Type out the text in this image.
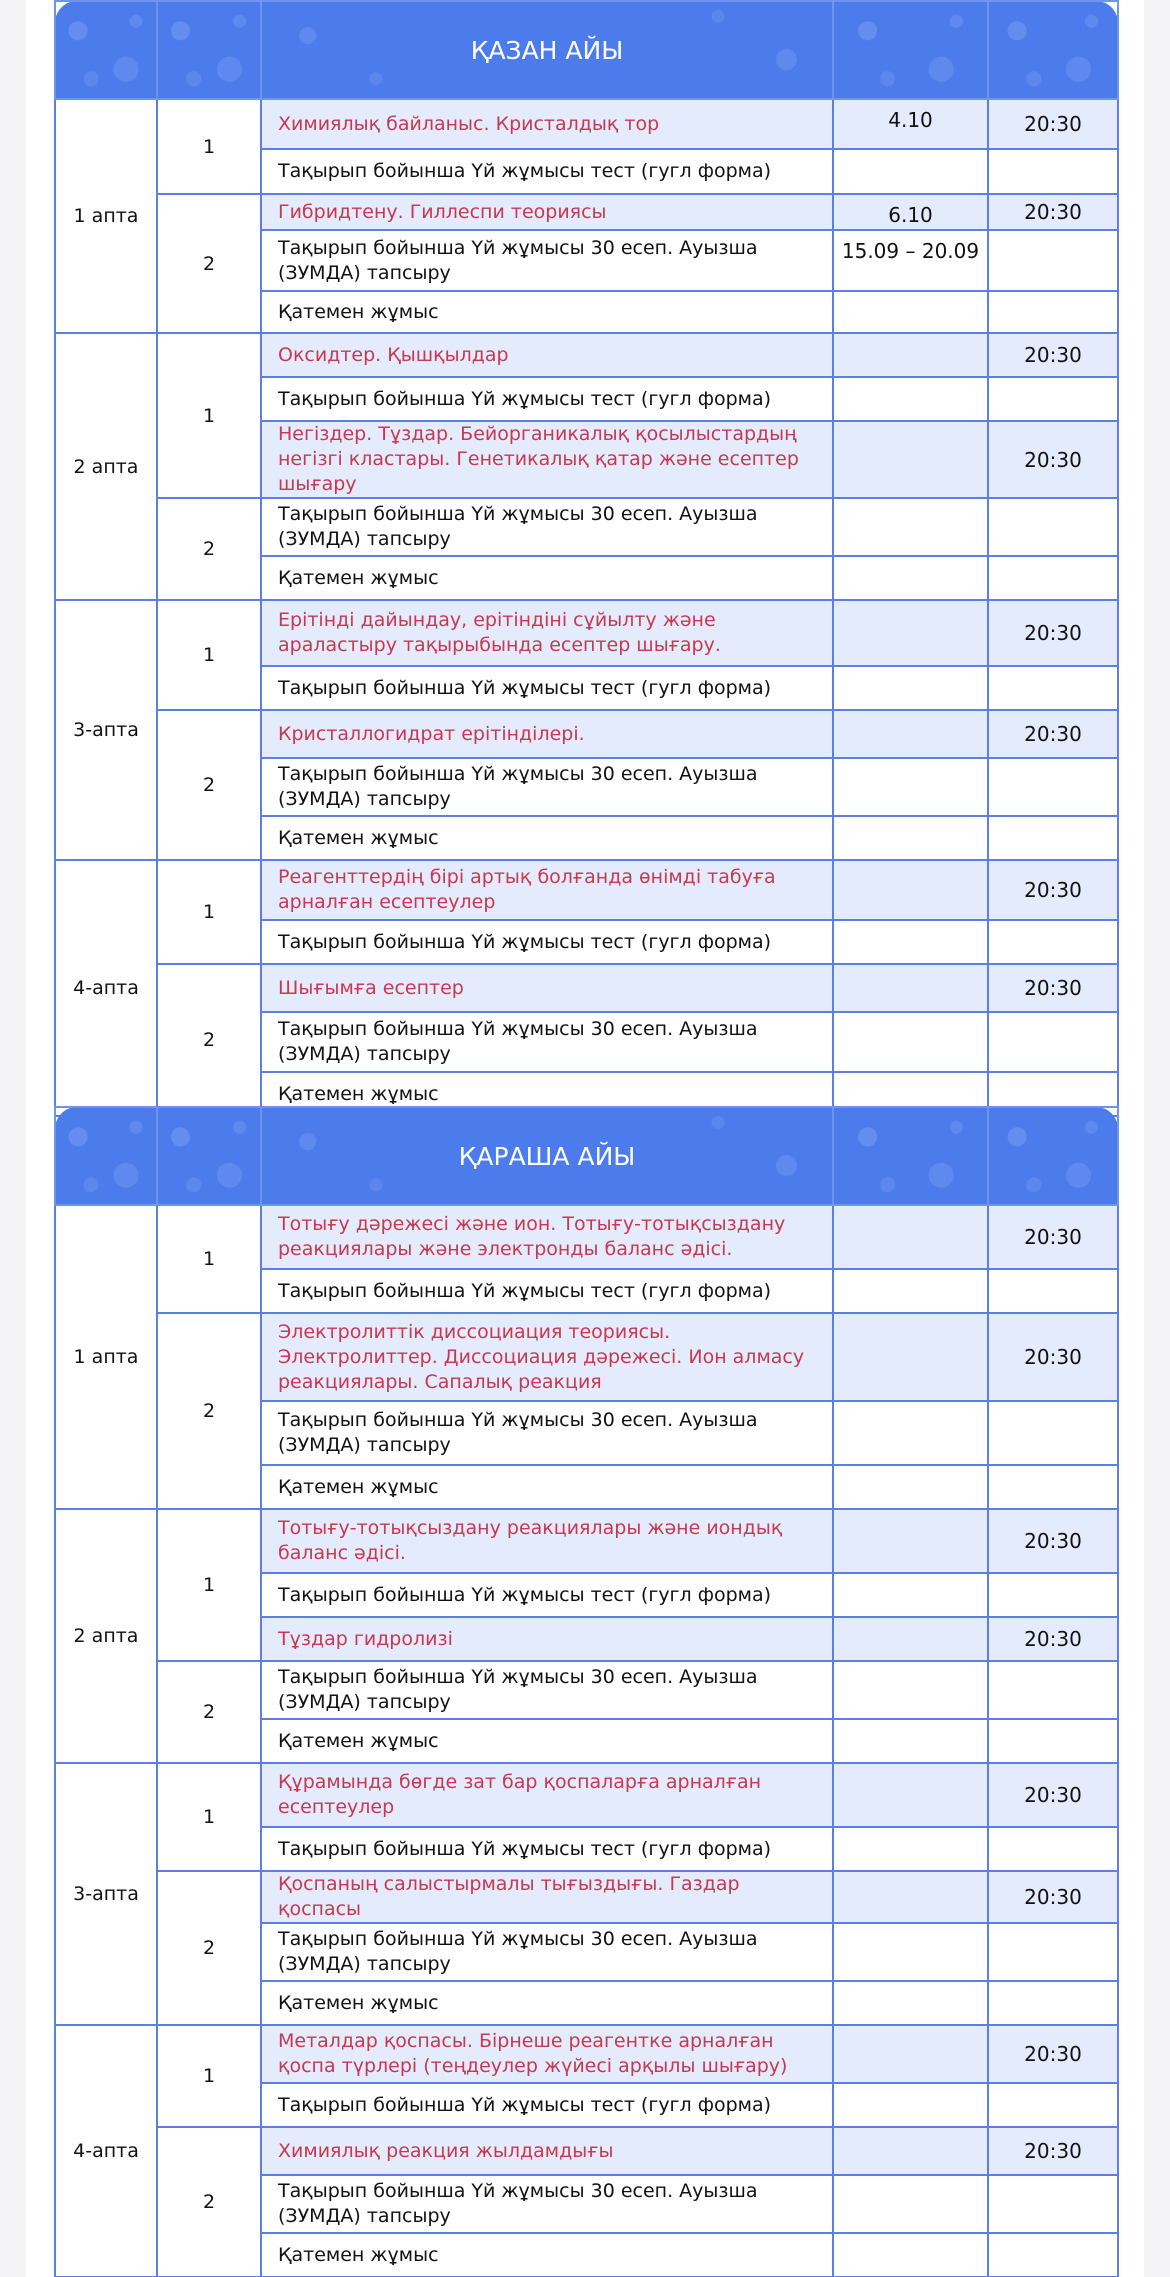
		ҚАЗАН АЙЫ		
1 апта	1	Химиялық байланыс. Кристалдық тор	4.10	20:30
		Тақырып бойынша Үй жұмысы тест (гугл форма)		
	2	Гибридтену. Гиллеспи теориясы	6.10	20:30
		Тақырып бойынша Үй жұмысы 30 есеп. Ауызша (ЗУМДА) тапсыру	15.09 – 20.09	
		Қатемен жұмыс		
2 апта	1	Оксидтер. Қышқылдар		20:30
		Тақырып бойынша Үй жұмысы тест (гугл форма)		
		Негіздер. Тұздар. Бейорганикалық қосылыстардың негізгі кластары. Генетикалық қатар және есептер шығару		20:30
	2	Тақырып бойынша Үй жұмысы 30 есеп. Ауызша (ЗУМДА) тапсыру		
		Қатемен жұмыс		
3-апта	1	Ерітінді дайындау, ерітіндіні сұйылту және араластыру тақырыбында есептер шығару.		20:30
		Тақырып бойынша Үй жұмысы тест (гугл форма)		
	2	Кристаллогидрат ерітінділері.		20:30
		Тақырып бойынша Үй жұмысы 30 есеп. Ауызша (ЗУМДА) тапсыру		
		Қатемен жұмыс		
4-апта	1	Реагенттердің бірі артық болғанда өнімді табуға арналған есептеулер		20:30
		Тақырып бойынша Үй жұмысы тест (гугл форма)		
	2	Шығымға есептер		20:30
		Тақырып бойынша Үй жұмысы 30 есеп. Ауызша (ЗУМДА) тапсыру		
		Қатемен жұмыс		
		ҚАРАША АЙЫ		
1 апта	1	Тотығу дәрежесі және ион. Тотығу-тотықсыздану реакциялары және электронды баланс әдісі.		20:30
		Тақырып бойынша Үй жұмысы тест (гугл форма)		
	2	Электролиттік диссоциация теориясы. Электролиттер. Диссоциация дәрежесі. Ион алмасу реакциялары. Сапалық реакция		20:30
		Тақырып бойынша Үй жұмысы 30 есеп. Ауызша (ЗУМДА) тапсыру		
		Қатемен жұмыс		
2 апта	1	Тотығу-тотықсыздану реакциялары және иондық баланс әдісі.		20:30
		Тақырып бойынша Үй жұмысы тест (гугл форма)		
		Тұздар гидролизі		20:30
	2	Тақырып бойынша Үй жұмысы 30 есеп. Ауызша (ЗУМДА) тапсыру		
		Қатемен жұмыс		
3-апта	1	Құрамында бөгде зат бар қоспаларға арналған есептеулер		20:30
		Тақырып бойынша Үй жұмысы тест (гугл форма)		
	2	Қоспаның салыстырмалы тығыздығы. Газдар қоспасы		20:30
		Тақырып бойынша Үй жұмысы 30 есеп. Ауызша (ЗУМДА) тапсыру		
		Қатемен жұмыс		
4-апта	1	Металдар қоспасы. Бірнеше реагентке арналған қоспа түрлері (теңдеулер жүйесі арқылы шығару)		20:30
		Тақырып бойынша Үй жұмысы тест (гугл форма)		
	2	Химиялық реакция жылдамдығы		20:30
		Тақырып бойынша Үй жұмысы 30 есеп. Ауызша (ЗУМДА) тапсыру		
		Қатемен жұмыс		
